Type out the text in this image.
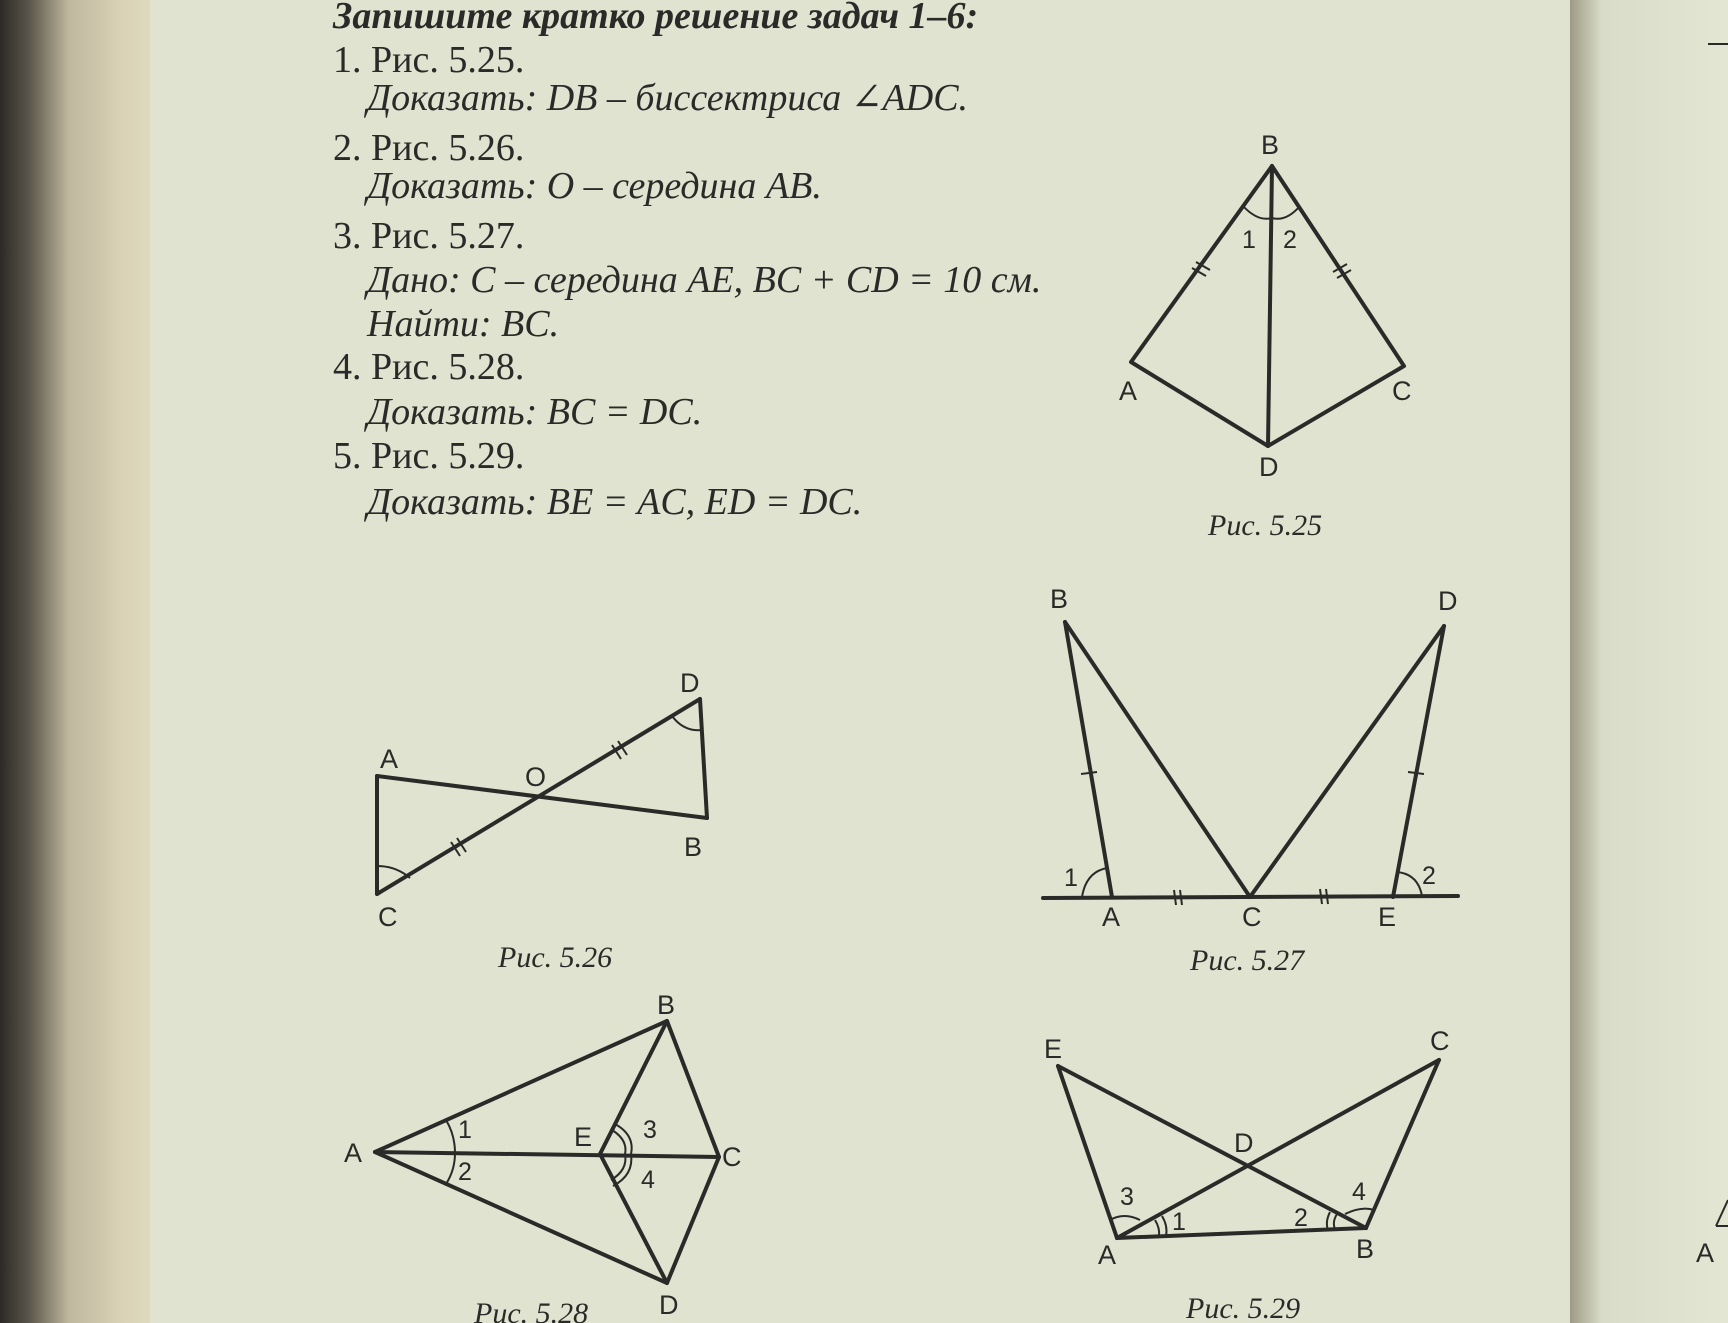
Запишите кратко решение задач 1–6:
1. Рис. 5.25.
Доказать: DB – биссектриса ∠ADC.
2. Рис. 5.26.
Доказать: O – середина AB.
3. Рис. 5.27.
Дано: C – середина AE, BC + CD = 10 см.
Найти: BC.
4. Рис. 5.28.
Доказать: BC = DC.
5. Рис. 5.29.
Доказать: BE = AC, ED = DC.
B
A	C
D
1 2
Рис. 5.25
A
O
D
B
C
Рис. 5.26
B	D
A	C	E
1	2
Рис. 5.27
A
B
C
D
E
1
2
3
4
Рис. 5.28
E	C
D
A	B
1	2
3	4
Рис. 5.29
A
